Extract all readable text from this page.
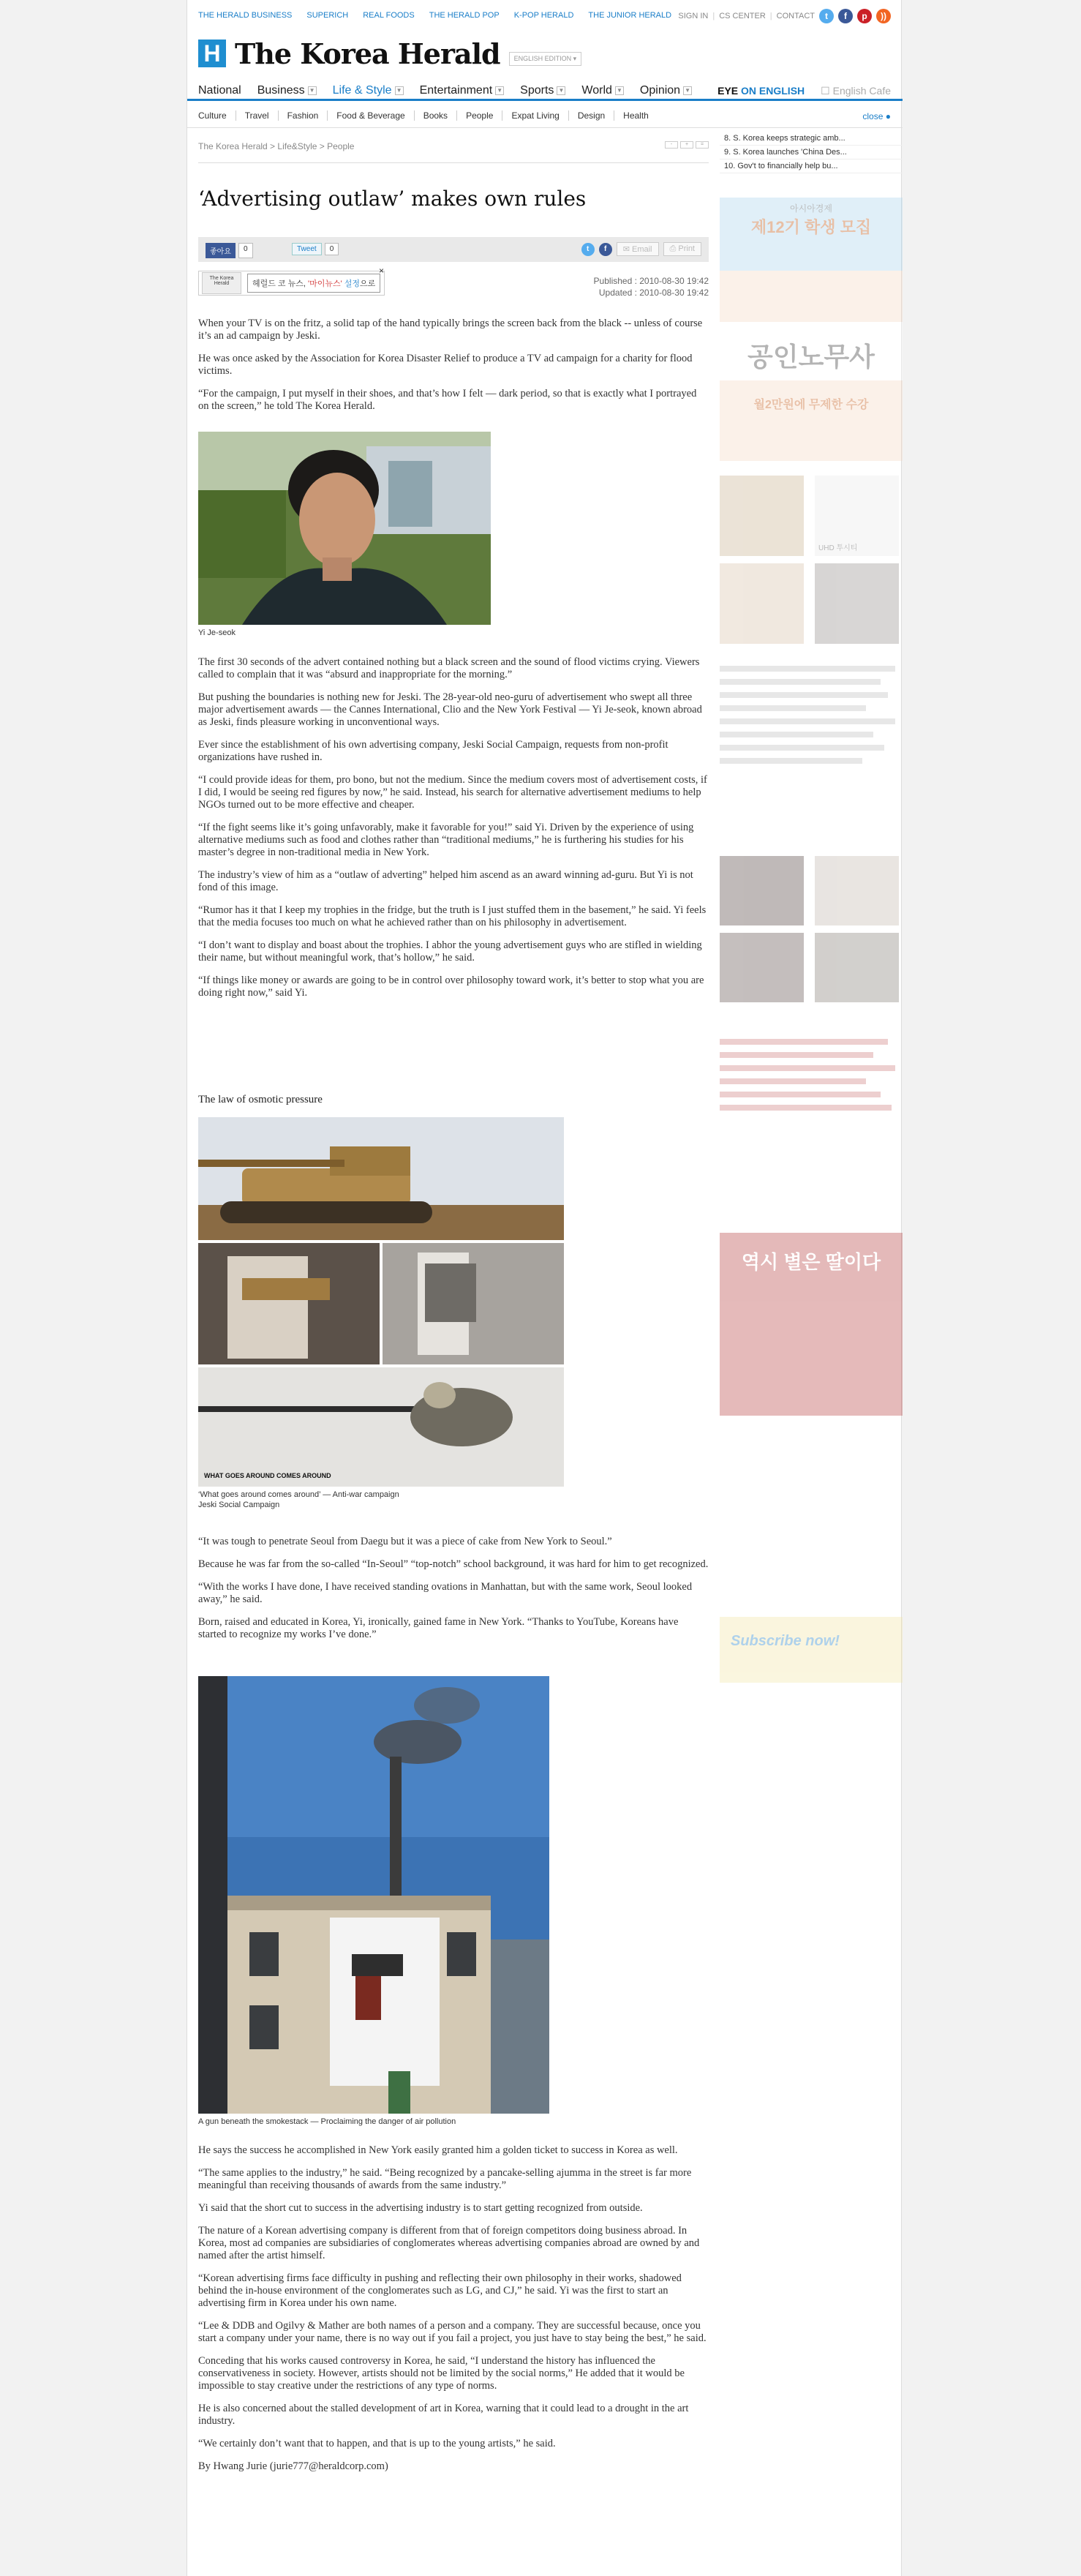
THE HERALD BUSINESS SUPERICH REAL FOODS THE HERALD POP K-POP HERALD THE JUNIOR HERALD SIGN IN | CS CENTER | CONTACT	t	f	p	))
H The Korea Herald	ENGLISH EDITION ▾
National Business ▼ Life & Style ▼ Entertainment ▼ Sports ▼ World ▼ Opinion ▼	EYE ON ENGLISH ☐ English Cafe
Culture	Travel	Fashion	Food & Beverage	Books	People	Expat Living	Design	Health	close ●
The Korea Herald > Life&Style > People	-	+	=
‘Advertising outlaw’ makes own rules
좋아요	0	Tweet	0	t	f	✉ Email	⎙ Print
The Korea Herald	헤럴드 코 뉴스, '마이뉴스' 설정으로
×
Published : 2010-08-30 19:42
Updated : 2010-08-30 19:42

When your TV is on the fritz, a solid tap of the hand typically brings the screen back from the black -- unless of course it’s an ad campaign by Jeski.

He was once asked by the Association for Korea Disaster Relief to produce a TV ad campaign for a charity for flood victims.

“For the campaign, I put myself in their shoes, and that’s how I felt — dark period, so that is exactly what I portrayed on the screen,” he told The Korea Herald.

Yi Je-seok

The first 30 seconds of the advert contained nothing but a black screen and the sound of flood victims crying. Viewers called to complain that it was “absurd and inappropriate for the morning.”

But pushing the boundaries is nothing new for Jeski. The 28-year-old neo-guru of advertisement who swept all three major advertisement awards — the Cannes International, Clio and the New York Festival — Yi Je-seok, known abroad as Jeski, finds pleasure working in unconventional ways.

Ever since the establishment of his own advertising company, Jeski Social Campaign, requests from non-profit organizations have rushed in.

“I could provide ideas for them, pro bono, but not the medium. Since the medium covers most of advertisement costs, if I did, I would be seeing red figures by now,” he said. Instead, his search for alternative advertisement mediums to help NGOs turned out to be more effective and cheaper.

“If the fight seems like it’s going unfavorably, make it favorable for you!” said Yi. Driven by the experience of using alternative mediums such as food and clothes rather than “traditional mediums,” he is furthering his studies for his master’s degree in non-traditional media in New York.

The industry’s view of him as a “outlaw of adverting” helped him ascend as an award winning ad-guru. But Yi is not fond of this image.

“Rumor has it that I keep my trophies in the fridge, but the truth is I just stuffed them in the basement,” he said. Yi feels that the media focuses too much on what he achieved rather than on his philosophy in advertisement.

“I don’t want to display and boast about the trophies. I abhor the young advertisement guys who are stifled in wielding their name, but without meaningful work, that’s hollow,” he said.

“If things like money or awards are going to be in control over philosophy toward work, it’s better to stop what you are doing right now,” said Yi.

The law of osmotic pressure
WHAT GOES AROUND COMES AROUND
‘What goes around comes around’ — Anti-war campaign
Jeski Social Campaign

“It was tough to penetrate Seoul from Daegu but it was a piece of cake from New York to Seoul.”

Because he was far from the so-called “In-Seoul” “top-notch” school background, it was hard for him to get recognized.

“With the works I have done, I have received standing ovations in Manhattan, but with the same work, Seoul looked away,” he said.

Born, raised and educated in Korea, Yi, ironically, gained fame in New York. “Thanks to YouTube, Koreans have started to recognize my works I’ve done.”

A gun beneath the smokestack — Proclaiming the danger of air pollution

He says the success he accomplished in New York easily granted him a golden ticket to success in Korea as well.

“The same applies to the industry,” he said. “Being recognized by a pancake-selling ajumma in the street is far more meaningful than receiving thousands of awards from the same industry.”

Yi said that the short cut to success in the advertising industry is to start getting recognized from outside.

The nature of a Korean advertising company is different from that of foreign competitors doing business abroad. In Korea, most ad companies are subsidiaries of conglomerates whereas advertising companies abroad are owned by and named after the artist himself.

“Korean advertising firms face difficulty in pushing and reflecting their own philosophy in their works, shadowed behind the in-house environment of the conglomerates such as LG, and CJ,” he said. Yi was the first to start an advertising firm in Korea under his own name.

“Lee & DDB and Ogilvy & Mather are both names of a person and a company. They are successful because, once you start a company under your name, there is no way out if you fail a project, you just have to stay being the best,” he said.

Conceding that his works caused controversy in Korea, he said, “I understand the history has influenced the conservativeness in society. However, artists should not be limited by the social norms,” He added that it would be impossible to stay creative under the restrictions of any type of norms.

He is also concerned about the stalled development of art in Korea, warning that it could lead to a drought in the art industry.

“We certainly don’t want that to happen, and that is up to the young artists,” he said.

By Hwang Jurie (jurie777@heraldcorp.com)

8. S. Korea keeps strategic amb...
9. S. Korea launches 'China Des...
10. Gov't to financially help bu...
아시아경제
제12기 학생 모집
공인노무사
월2만원에 무제한 수강
UHD 투시티
역시 별은 딸이다
Subscribe now!
